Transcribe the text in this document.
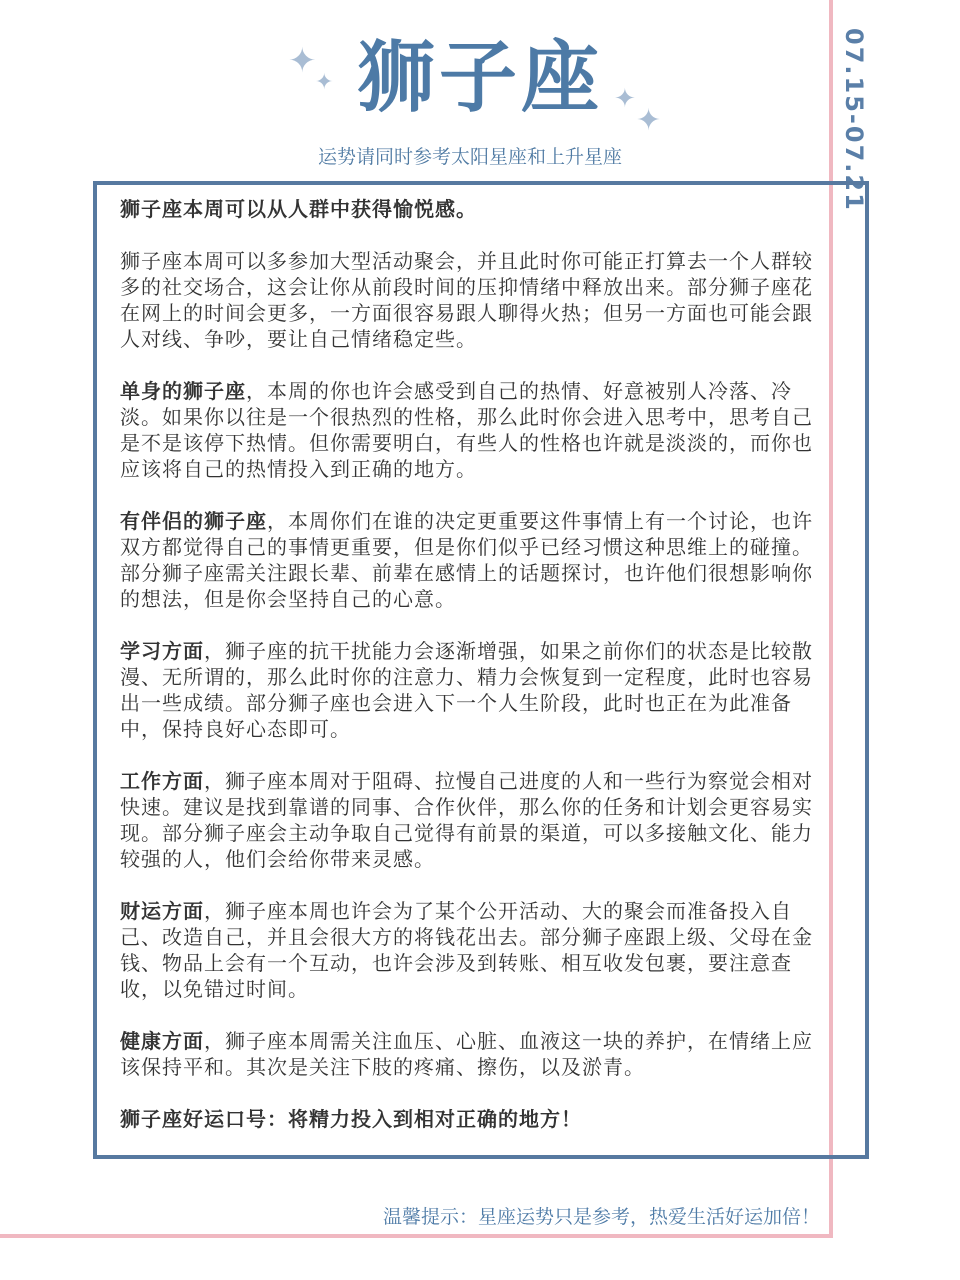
✦
✦
✦
✦
狮子座
运势请同时参考太阳星座和上升星座	07.15-07.21

狮子座本周可以从人群中获得愉悦感。

狮子座本周可以多参加大型活动聚会，并且此时你可能正打算去一个人群较多的社交场合，这会让你从前段时间的压抑情绪中释放出来。部分狮子座花在网上的时间会更多，一方面很容易跟人聊得火热；但另一方面也可能会跟人对线、争吵，要让自己情绪稳定些。

单身的狮子座，本周的你也许会感受到自己的热情、好意被别人冷落、冷淡。如果你以往是一个很热烈的性格，那么此时你会进入思考中，思考自己是不是该停下热情。但你需要明白，有些人的性格也许就是淡淡的，而你也应该将自己的热情投入到正确的地方。

有伴侣的狮子座，本周你们在谁的决定更重要这件事情上有一个讨论，也许双方都觉得自己的事情更重要，但是你们似乎已经习惯这种思维上的碰撞。部分狮子座需关注跟长辈、前辈在感情上的话题探讨，也许他们很想影响你的想法，但是你会坚持自己的心意。

学习方面，狮子座的抗干扰能力会逐渐增强，如果之前你们的状态是比较散漫、无所谓的，那么此时你的注意力、精力会恢复到一定程度，此时也容易出一些成绩。部分狮子座也会进入下一个人生阶段，此时也正在为此准备中，保持良好心态即可。

工作方面，狮子座本周对于阻碍、拉慢自己进度的人和一些行为察觉会相对快速。建议是找到靠谱的同事、合作伙伴，那么你的任务和计划会更容易实现。部分狮子座会主动争取自己觉得有前景的渠道，可以多接触文化、能力较强的人，他们会给你带来灵感。

财运方面，狮子座本周也许会为了某个公开活动、大的聚会而准备投入自己、改造自己，并且会很大方的将钱花出去。部分狮子座跟上级、父母在金钱、物品上会有一个互动，也许会涉及到转账、相互收发包裹，要注意查收，以免错过时间。

健康方面，狮子座本周需关注血压、心脏、血液这一块的养护，在情绪上应该保持平和。其次是关注下肢的疼痛、擦伤，以及淤青。

狮子座好运口号：将精力投入到相对正确的地方！

温馨提示：星座运势只是参考，热爱生活好运加倍！
